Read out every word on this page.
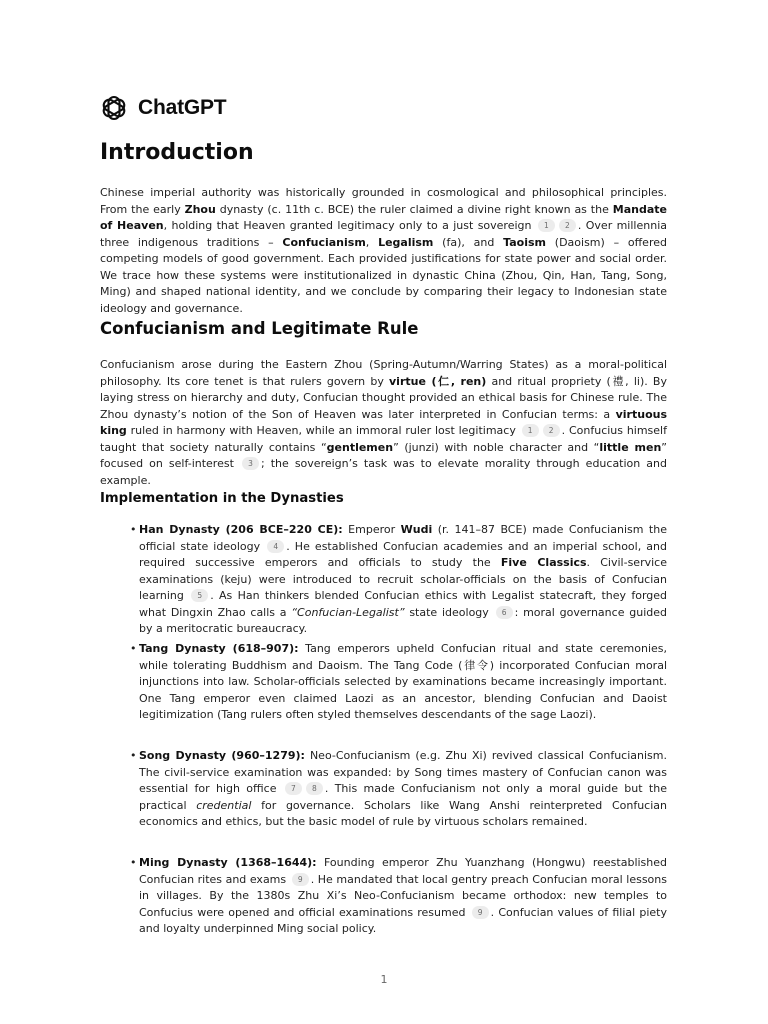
ChatGPT
Introduction

Chinese imperial authority was historically grounded in cosmological and philosophical principles. From the early Zhou dynasty (c. 11th c. BCE) the ruler claimed a divine right known as the Mandate of Heaven, holding that Heaven granted legitimacy only to a just sovereign 1 2 . Over millennia three indigenous traditions – Confucianism, Legalism (fa), and Taoism (Daoism) – offered competing models of good government. Each provided justifications for state power and social order. We trace how these systems were institutionalized in dynastic China (Zhou, Qin, Han, Tang, Song, Ming) and shaped national identity, and we conclude by comparing their legacy to Indonesian state ideology and governance.

Confucianism and Legitimate Rule

Confucianism arose during the Eastern Zhou (Spring-Autumn/Warring States) as a moral-political philosophy. Its core tenet is that rulers govern by virtue (仁, ren) and ritual propriety (禮, li). By laying stress on hierarchy and duty, Confucian thought provided an ethical basis for Chinese rule. The Zhou dynasty’s notion of the Son of Heaven was later interpreted in Confucian terms: a virtuous king ruled in harmony with Heaven, while an immoral ruler lost legitimacy 1 2 . Confucius himself taught that society naturally contains “gentlemen” (junzi) with noble character and “little men” focused on self-interest 3 ; the sovereign’s task was to elevate morality through education and example.

Implementation in the Dynasties
• Han Dynasty (206 BCE–220 CE): Emperor Wudi (r. 141–87 BCE) made Confucianism the official state ideology 4 . He established Confucian academies and an imperial school, and required successive emperors and officials to study the Five Classics. Civil-service examinations (keju) were introduced to recruit scholar-officials on the basis of Confucian learning 5 . As Han thinkers blended Confucian ethics with Legalist statecraft, they forged what Dingxin Zhao calls a “Confucian-Legalist” state ideology 6 : moral governance guided by a meritocratic bureaucracy.
• Tang Dynasty (618–907): Tang emperors upheld Confucian ritual and state ceremonies, while tolerating Buddhism and Daoism. The Tang Code (律令) incorporated Confucian moral injunctions into law. Scholar-officials selected by examinations became increasingly important. One Tang emperor even claimed Laozi as an ancestor, blending Confucian and Daoist legitimization (Tang rulers often styled themselves descendants of the sage Laozi).
• Song Dynasty (960–1279): Neo-Confucianism (e.g. Zhu Xi) revived classical Confucianism. The civil-service examination was expanded: by Song times mastery of Confucian canon was essential for high office 7 8 . This made Confucianism not only a moral guide but the practical credential for governance. Scholars like Wang Anshi reinterpreted Confucian economics and ethics, but the basic model of rule by virtuous scholars remained.
• Ming Dynasty (1368–1644): Founding emperor Zhu Yuanzhang (Hongwu) reestablished Confucian rites and exams 9 . He mandated that local gentry preach Confucian moral lessons in villages. By the 1380s Zhu Xi’s Neo-Confucianism became orthodox: new temples to Confucius were opened and official examinations resumed 9 . Confucian values of filial piety and loyalty underpinned Ming social policy.
1
